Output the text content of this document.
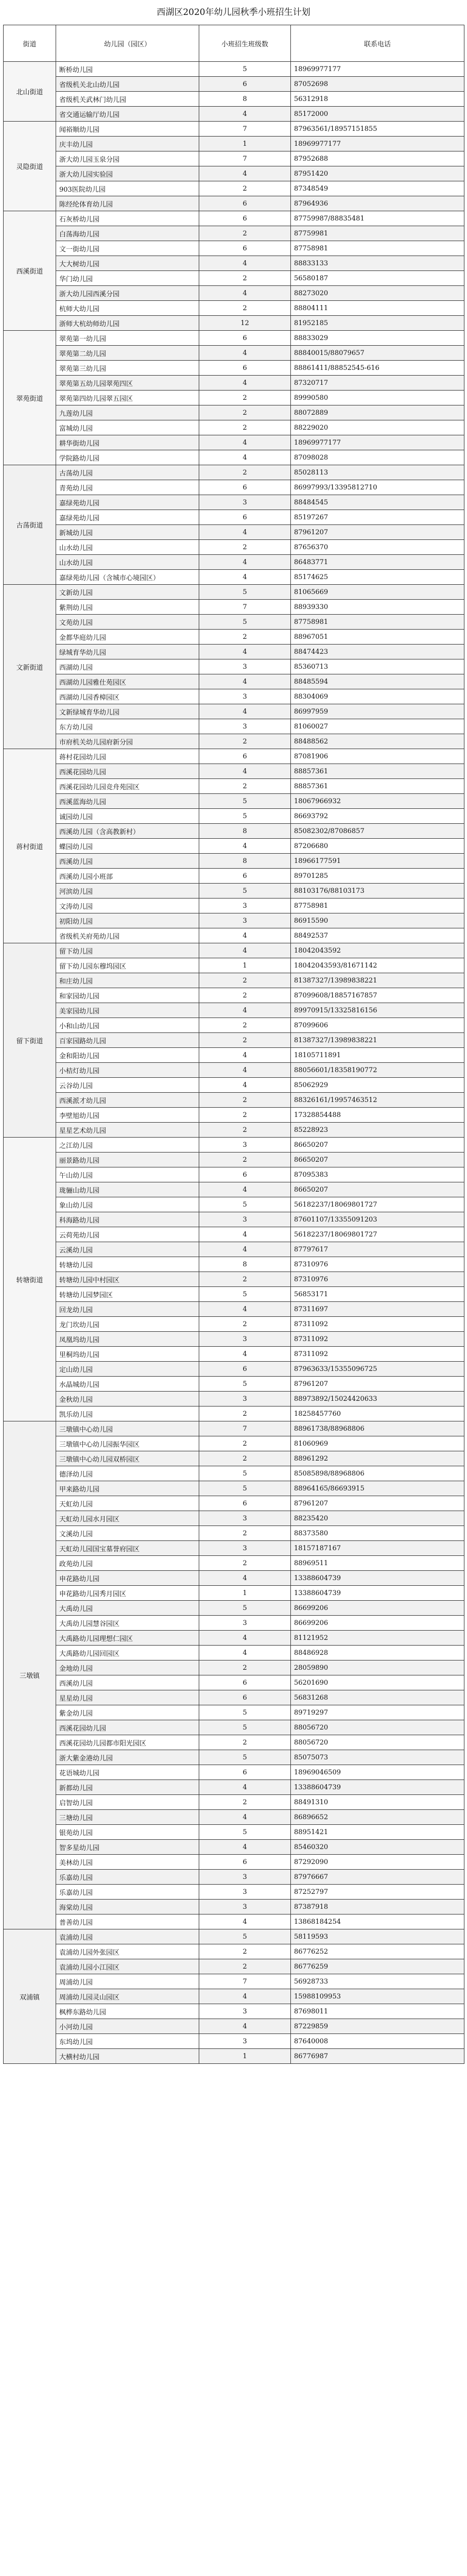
西湖区2020年幼儿园秋季小班招生计划
街道	幼儿园（园区）	小班招生班级数	联系电话
北山街道	断桥幼儿园	5	18969977177
	省级机关北山幼儿园	6	87052698
	省级机关武林门幼儿园	8	56312918
	省交通运输厅幼儿园	4	85172000
灵隐街道	闻裕顺幼儿园	7	87963561/18957151855
	庆丰幼儿园	1	18969977177
	浙大幼儿园玉泉分园	7	87952688
	浙大幼儿园实验园	4	87951420
	903医院幼儿园	2	87348549
	陈经纶体育幼儿园	6	87964936
西溪街道	石灰桥幼儿园	6	87759987/88835481
	白荡海幼儿园	2	87759981
	文一街幼儿园	6	87758981
	大大树幼儿园	4	88833133
	华门幼儿园	2	56580187
	浙大幼儿园西溪分园	4	88273020
	杭师大幼儿园	2	88804111
	浙师大杭幼师幼儿园	12	81952185
翠苑街道	翠苑第一幼儿园	6	88833029
	翠苑第二幼儿园	4	88840015/88079657
	翠苑第三幼儿园	6	88861411/88852545-616
	翠苑第五幼儿园翠苑四区	4	87320717
	翠苑第四幼儿园翠五园区	2	89990580
	九莲幼儿园	2	88072889
	富城幼儿园	2	88229020
	耕华街幼儿园	4	18969977177
	学院路幼儿园	4	87098028
古荡街道	古荡幼儿园	2	85028113
	青苑幼儿园	6	86997993/13395812710
	嘉绿苑幼儿园	3	88484545
	嘉绿苑幼儿园	6	85197267
	新城幼儿园	4	87961207
	山水幼儿园	2	87656370
	山水幼儿园	4	86483771
	嘉绿苑幼儿园（含城市心境园区）	4	85174625
文新街道	文新幼儿园	5	81065669
	紫荆幼儿园	7	88939330
	文苑幼儿园	5	87758981
	金都华庭幼儿园	2	88967051
	绿城育华幼儿园	4	88474423
	西湖幼儿园	3	85360713
	西湖幼儿园雅仕苑园区	4	88485594
	西湖幼儿园香樟园区	3	88304069
	文新绿城育华幼儿园	4	86997959
	东方幼儿园	3	81060027
	市府机关幼儿园府新分园	2	88488562
蒋村街道	蒋村花园幼儿园	6	87081906
	西溪花园幼儿园	4	88857361
	西溪花园幼儿园竞舟苑园区	2	88857361
	西溪蓝海幼儿园	5	18067966932
	诚园幼儿园	5	86693792
	西溪幼儿园（含高教新村）	8	85082302/87086857
	蝶园幼儿园	4	87206680
	西溪幼儿园	8	18966177591
	西溪幼儿园小班部	6	89701285
	河滨幼儿园	5	88103176/88103173
	文涛幼儿园	3	87758981
	初阳幼儿园	3	86915590
	省级机关府苑幼儿园	4	88492537
留下街道	留下幼儿园	4	18042043592
	留下幼儿园东穆坞园区	1	18042043593/81671142
	和庄幼儿园	2	81387327/13989838221
	和家园幼儿园	2	87099608/18857167857
	美家园幼儿园	4	89970915/13325816156
	小和山幼儿园	2	87099606
	百家园路幼儿园	2	81387327/13989838221
	金和阳幼儿园	4	18105711891
	小桔灯幼儿园	4	88056601/18358190772
	云谷幼儿园	4	85062929
	西溪派才幼儿园	2	88326161/19957463512
	李壁旭幼儿园	2	17328854488
	星星艺术幼儿园	2	85228923
转塘街道	之江幼儿园	3	86650207
	丽景路幼儿园	2	86650207
	午山幼儿园	6	87095383
	珑骊山幼儿园	4	86650207
	象山幼儿园	5	56182237/18069801727
	科海路幼儿园	3	87601107/13355091203
	云荷苑幼儿园	4	56182237/18069801727
	云溪幼儿园	4	87797617
	转塘幼儿园	8	87310976
	转塘幼儿园中村园区	2	87310976
	转塘幼儿园梦园区	5	56853171
	回龙幼儿园	4	87311697
	龙门坎幼儿园	2	87311092
	凤凰坞幼儿园	3	87311092
	里桐坞幼儿园	4	87311092
	定山幼儿园	6	87963633/15355096725
	水晶城幼儿园	5	87961207
	金秋幼儿园	3	88973892/15024420633
	凯乐幼儿园	2	18258457760
三墩镇	三墩镇中心幼儿园	7	88961738/88968806
	三墩镇中心幼儿园振华园区	2	81060969
	三墩镇中心幼儿园双桥园区	2	88961292
	德泽幼儿园	5	85085898/88968806
	甲来路幼儿园	5	88964165/86693915
	天虹幼儿园	6	87961207
	天虹幼儿园水月园区	3	88235420
	文溪幼儿园	2	88373580
	天虹幼儿园国宝墓誉府园区	3	18157187167
	政苑幼儿园	2	88969511
	申花路幼儿园	4	13388604739
	申花路幼儿园秀月园区	1	13388604739
	大禹幼儿园	5	86699206
	大禹幼儿园慧谷园区	3	86699206
	大禹路幼儿园理想仁园区	4	81121952
	大禹路幼儿园回园区	4	88486928
	金地幼儿园	2	28059890
	西溪幼儿园	6	56201690
	星星幼儿园	6	56831268
	紫金幼儿园	5	89719297
	西溪花园幼儿园	5	88056720
	西溪花园幼儿园都市阳光园区	2	88056720
	浙大紫金港幼儿园	5	85075073
	花语城幼儿园	6	18969046509
	新都幼儿园	4	13388604739
	启智幼儿园	2	88491310
	三塘幼儿园	4	86896652
	银苑幼儿园	5	88951421
	智多星幼儿园	4	85460320
	美林幼儿园	6	87292090
	乐嘉幼儿园	3	87976667
	乐嘉幼儿园	3	87252797
	海棠幼儿园	3	87387918
	普善幼儿园	4	13868184254
双浦镇	袁浦幼儿园	5	58119593
	袁浦幼儿园外张园区	2	86776252
	袁浦幼儿园小江园区	2	86776259
	周浦幼儿园	7	56928733
	周浦幼儿园灵山园区	4	15988109953
	枫桦东路幼儿园	3	87698011
	小河幼儿园	4	87229859
	东坞幼儿园	3	87640008
	大横村幼儿园	1	86776987
